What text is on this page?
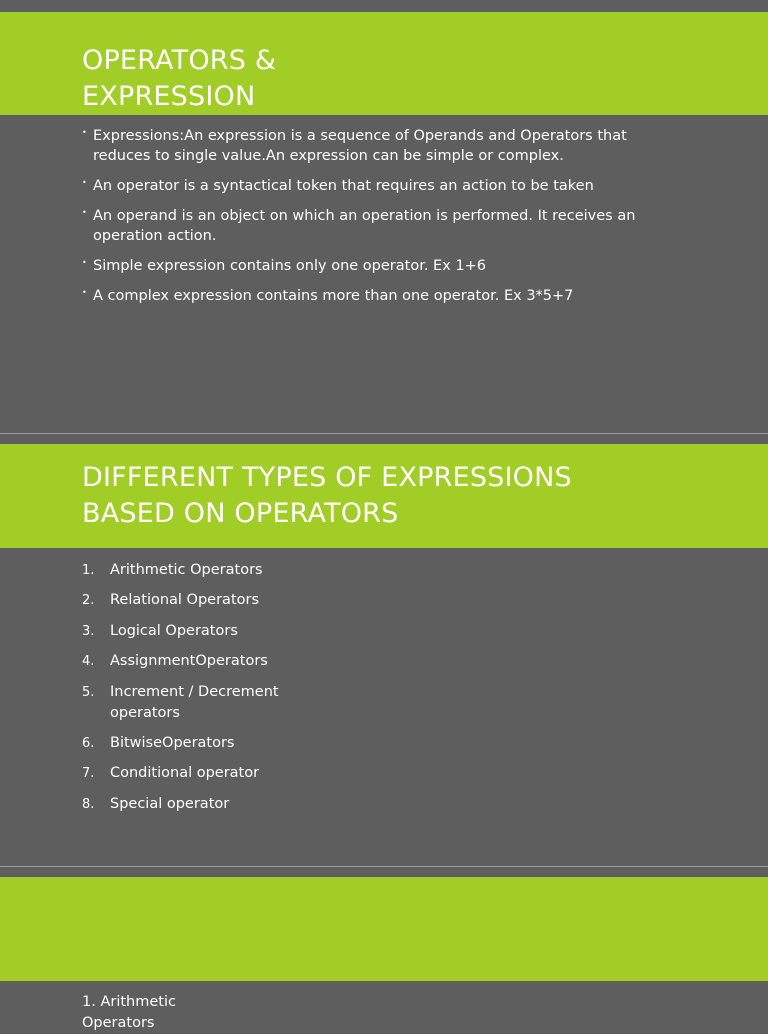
OPERATORS &
EXPRESSION
• Expressions:An expression is a sequence of Operands and Operators that reduces to single value.An expression can be simple or complex.
• An operator is a syntactical token that requires an action to be taken
• An operand is an object on which an operation is performed. It receives an operation action.
• Simple expression contains only one operator. Ex 1+6
• A complex expression contains more than one operator. Ex 3*5+7
DIFFERENT TYPES OF EXPRESSIONS
BASED ON OPERATORS
1. Arithmetic Operators
2. Relational Operators
3. Logical Operators
4. AssignmentOperators
5. Increment / Decrement operators
6. BitwiseOperators
7. Conditional operator
8. Special operator
1. Arithmetic Operators
